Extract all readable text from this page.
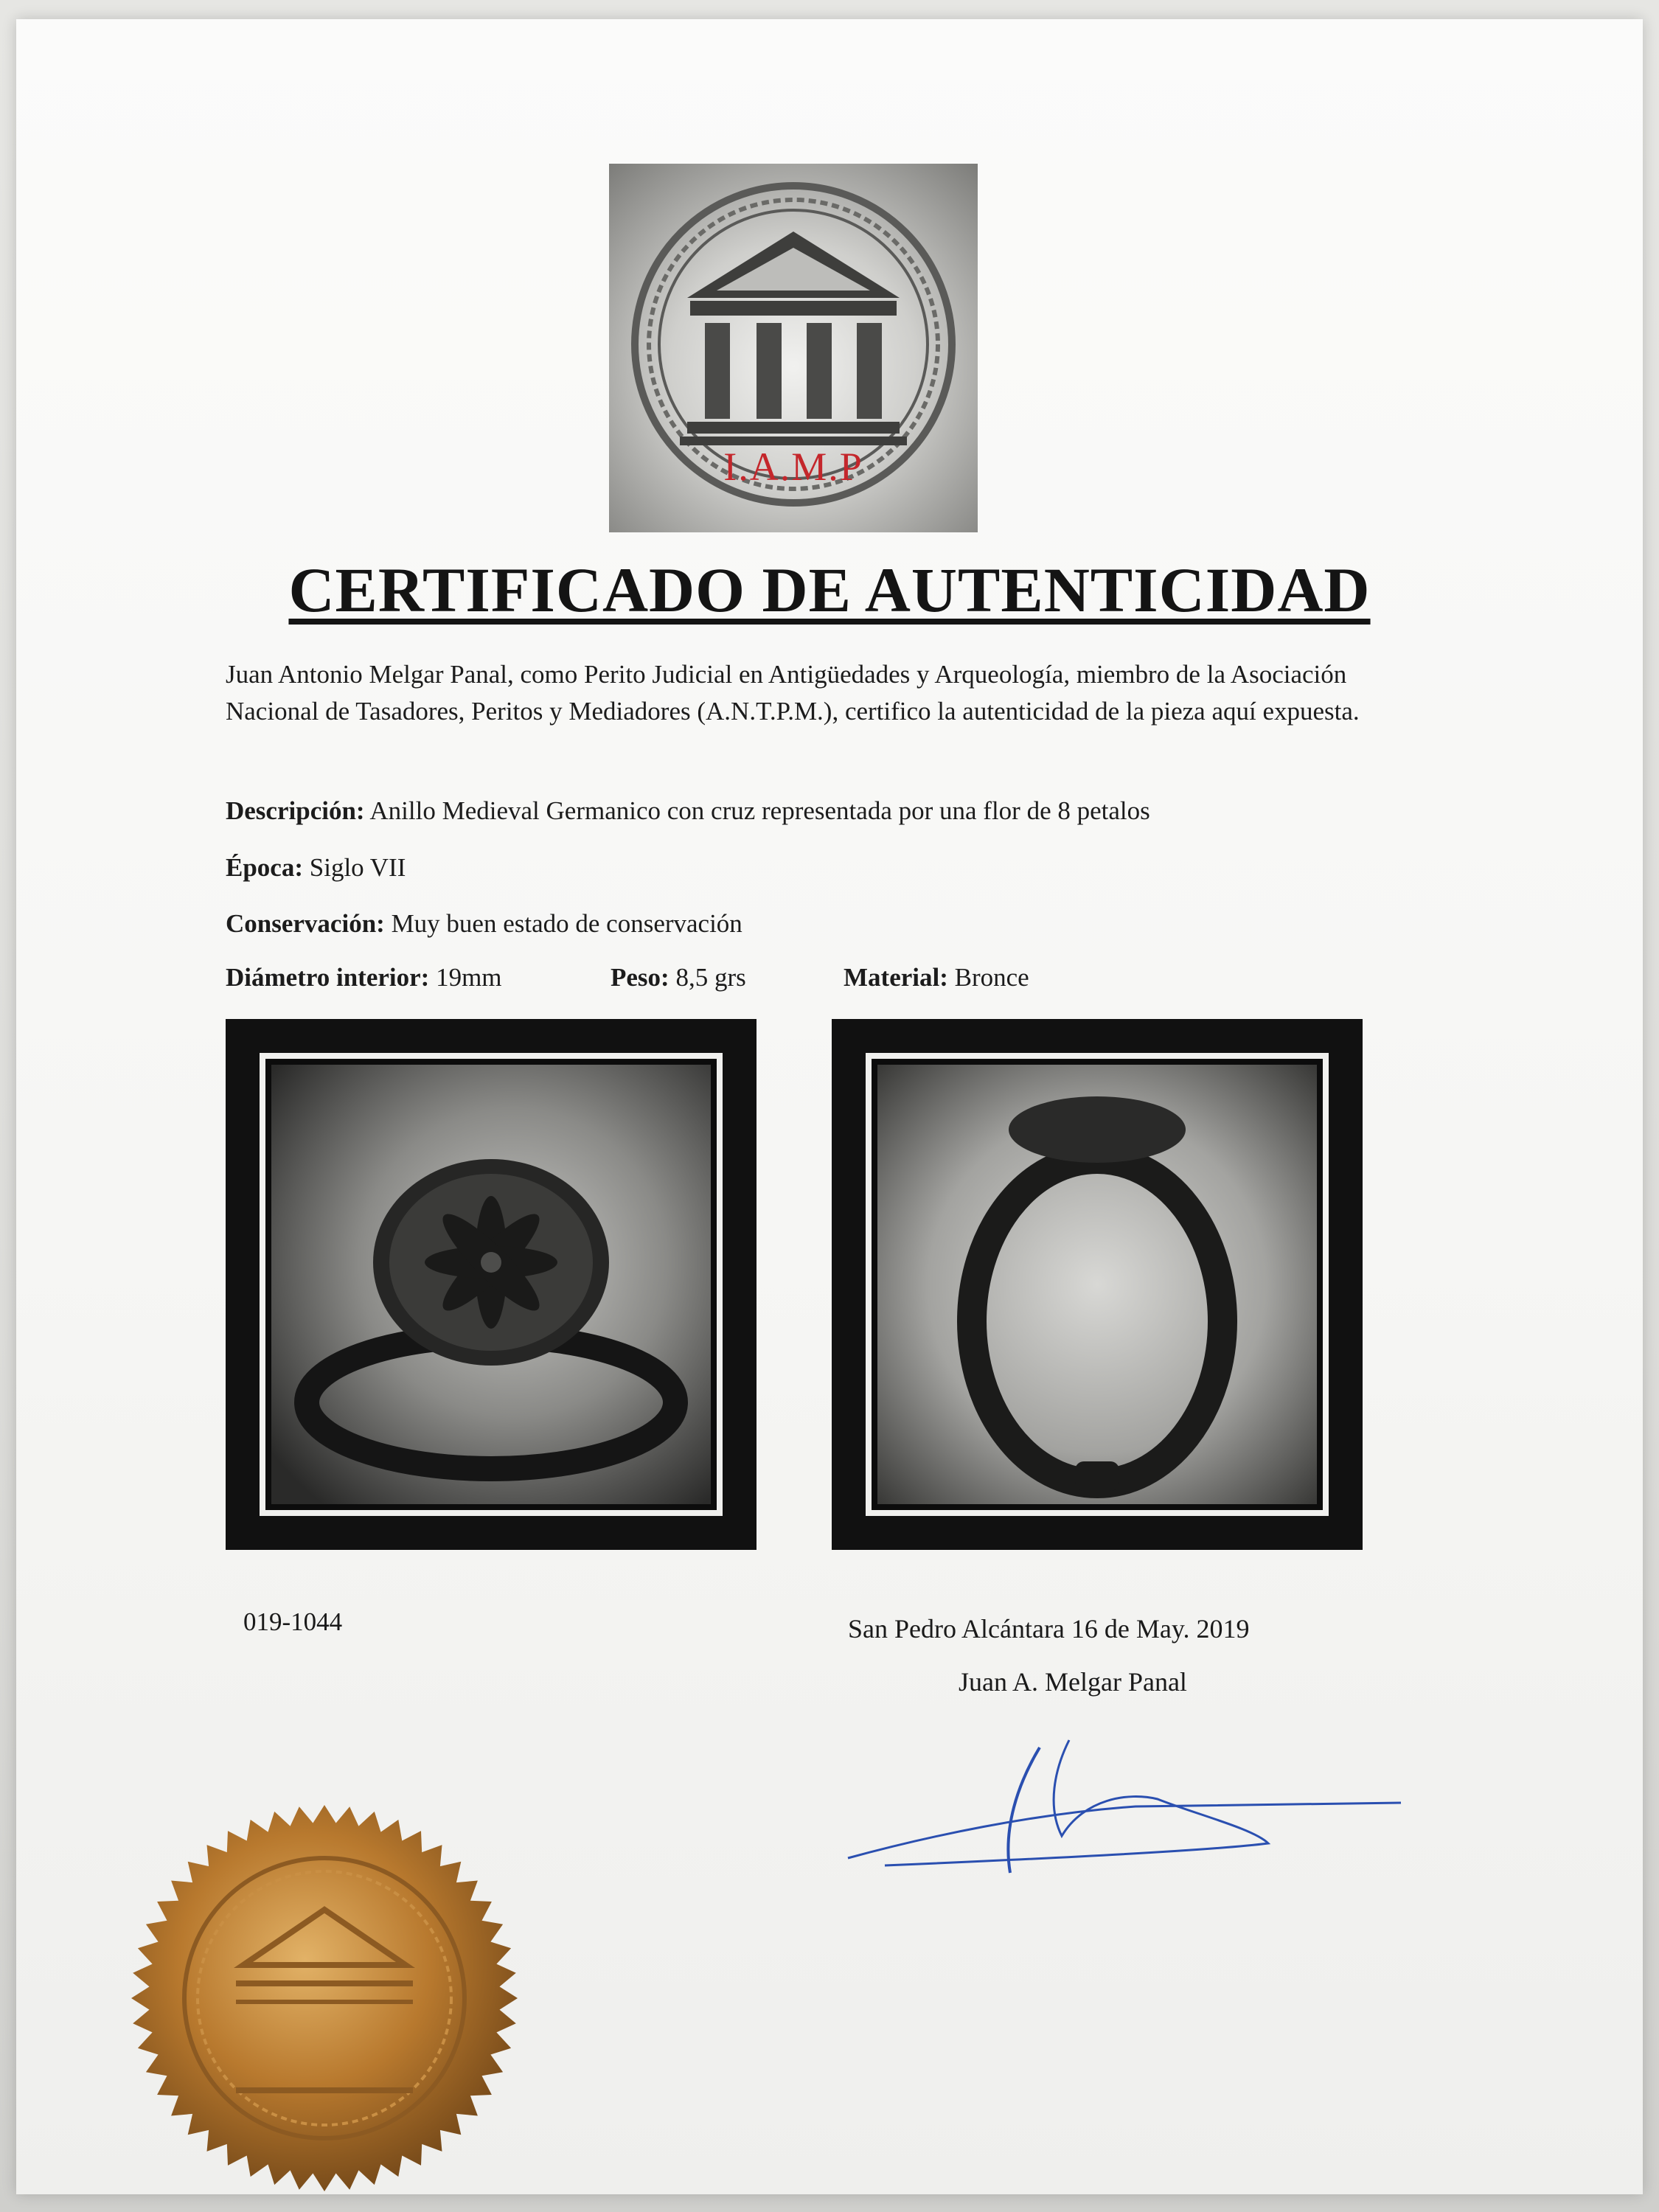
I.A.M.P
CERTIFICADO DE AUTENTICIDAD
Juan Antonio Melgar Panal, como Perito Judicial en Antigüedades y Arqueología, miembro de la Asociación Nacional de Tasadores, Peritos y Mediadores (A.N.T.P.M.), certifico la autenticidad de la pieza aquí expuesta.
Descripción: Anillo Medieval Germanico con cruz representada por una flor de 8 petalos
Época: Siglo VII
Conservación: Muy buen estado de conservación
Diámetro interior: 19mm	Peso: 8,5 grs	Material: Bronce
019-1044	San Pedro Alcántara 16 de May. 2019
Juan A. Melgar Panal
